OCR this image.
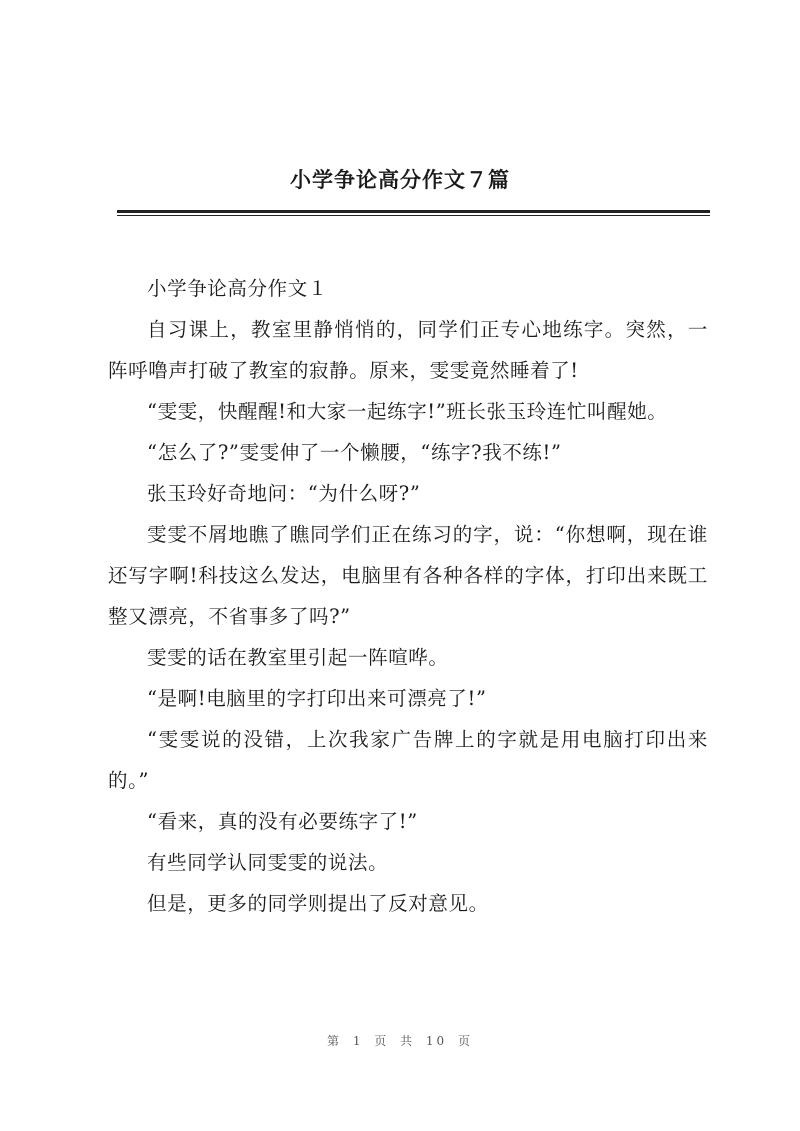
小学争论高分作文７篇

小学争论高分作文１

自习课上，教室里静悄悄的，同学们正专心地练字。突然，一阵呼噜声打破了教室的寂静。原来，雯雯竟然睡着了!

“雯雯，快醒醒!和大家一起练字!”班长张玉玲连忙叫醒她。

“怎么了?”雯雯伸了一个懒腰，“练字?我不练!”

张玉玲好奇地问：“为什么呀?”

雯雯不屑地瞧了瞧同学们正在练习的字，说：“你想啊，现在谁还写字啊!科技这么发达，电脑里有各种各样的字体，打印出来既工整又漂亮，不省事多了吗?”

雯雯的话在教室里引起一阵喧哗。

“是啊!电脑里的字打印出来可漂亮了!”

“雯雯说的没错，上次我家广告牌上的字就是用电脑打印出来的。”

“看来，真的没有必要练字了!”

有些同学认同雯雯的说法。

但是，更多的同学则提出了反对意见。

第 1 页 共 10 页
